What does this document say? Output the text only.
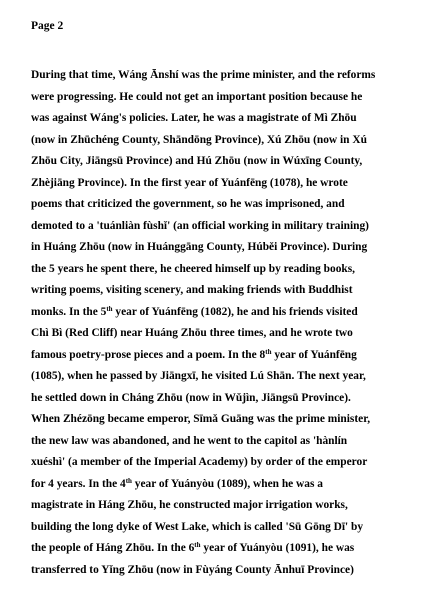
Page 2
During that time, Wáng Ānshí was the prime minister, and the reforms
were progressing. He could not get an important position because he
was against Wáng's policies. Later, he was a magistrate of Mì Zhōu
(now in Zhūchéng County, Shāndōng Province), Xú Zhōu (now in Xú
Zhōu City, Jiāngsū Province) and Hú Zhōu (now in Wúxīng County,
Zhèjiāng Province). In the first year of Yuánfēng (1078), he wrote
poems that criticized the government, so he was imprisoned, and
demoted to a 'tuánliàn fùshǐ' (an official working in military training)
in Huáng Zhōu (now in Huánggāng County, Húběi Province). During
the 5 years he spent there, he cheered himself up by reading books,
writing poems, visiting scenery, and making friends with Buddhist
monks. In the 5th year of Yuánfēng (1082), he and his friends visited
Chì Bì (Red Cliff) near Huáng Zhōu three times, and he wrote two
famous poetry-prose pieces and a poem. In the 8th year of Yuánfēng
(1085), when he passed by Jiāngxī, he visited Lú Shān. The next year,
he settled down in Cháng Zhōu (now in Wǔjìn, Jiāngsū Province).
When Zhézōng became emperor, Sīmǎ Guāng was the prime minister,
the new law was abandoned, and he went to the capitol as 'hànlín
xuéshì' (a member of the Imperial Academy) by order of the emperor
for 4 years. In the 4th year of Yuányòu (1089), when he was a
magistrate in Háng Zhōu, he constructed major irrigation works,
building the long dyke of West Lake, which is called 'Sū Gōng Dī' by
the people of Háng Zhōu. In the 6th year of Yuányòu (1091), he was
transferred to Yǐng Zhōu (now in Fùyáng County Ānhuī Province)
